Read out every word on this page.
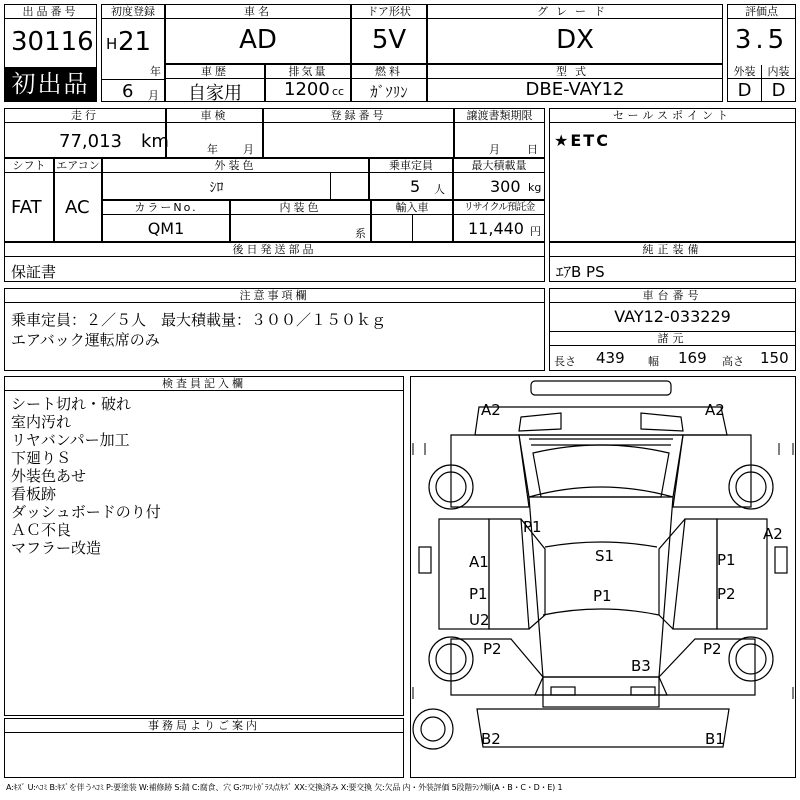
出品番号
30116
初出品
初度登録
H 21
年
6 月
車名
AD
ドア形状
5V
グレード
DX
車歴
自家用
排気量
1200 cc
燃料
ｶﾞｿﾘﾝ
型式
DBE-VAY12
評価点
3.5
外装	内装
D	D
走行
77,013 km
車検
年 月
登録番号	譲渡書類期限
月 日
セールスポイント
★ETC
シフト
FAT
エアコン
AC
外装色
ｼﾛ
乗車定員
5 人
最大積載量
300 kg
カラーNo.
QM1
内装色
系
輸入車	リサイクル預託金
11,440 円
後日発送部品
保証書
純正装備
ｴｱB PS
注意事項欄
乗車定員：２／５人　最大積載量：３００／１５０ｋｇ
エアバック運転席のみ
車台番号
VAY12-033229
諸元
長さ 439 幅 169 高さ 150
検査員記入欄
シート切れ・破れ
室内汚れ
リヤバンパー加工
下廻りＳ
外装色あせ
看板跡
ダッシュボードのり付
ＡＣ不良
マフラー改造
事務局よりご案内
A2	A2
A2
P1
S1
A1	P1
P1	P1	P2
U2
P2	P2
B3
B2	B1
A:ｷｽﾞ U:ﾍｺﾐ B:ｷｽﾞを伴うﾍｺﾐ P:要塗装 W:補修跡 S:錆 C:腐食、穴 G:ﾌﾛﾝﾄｶﾞﾗｽ点ｷｽﾞ XX:交換済み X:要交換 欠:欠品 内・外装評価 5段階ﾗﾝｸ順(A・B・C・D・E) 1
